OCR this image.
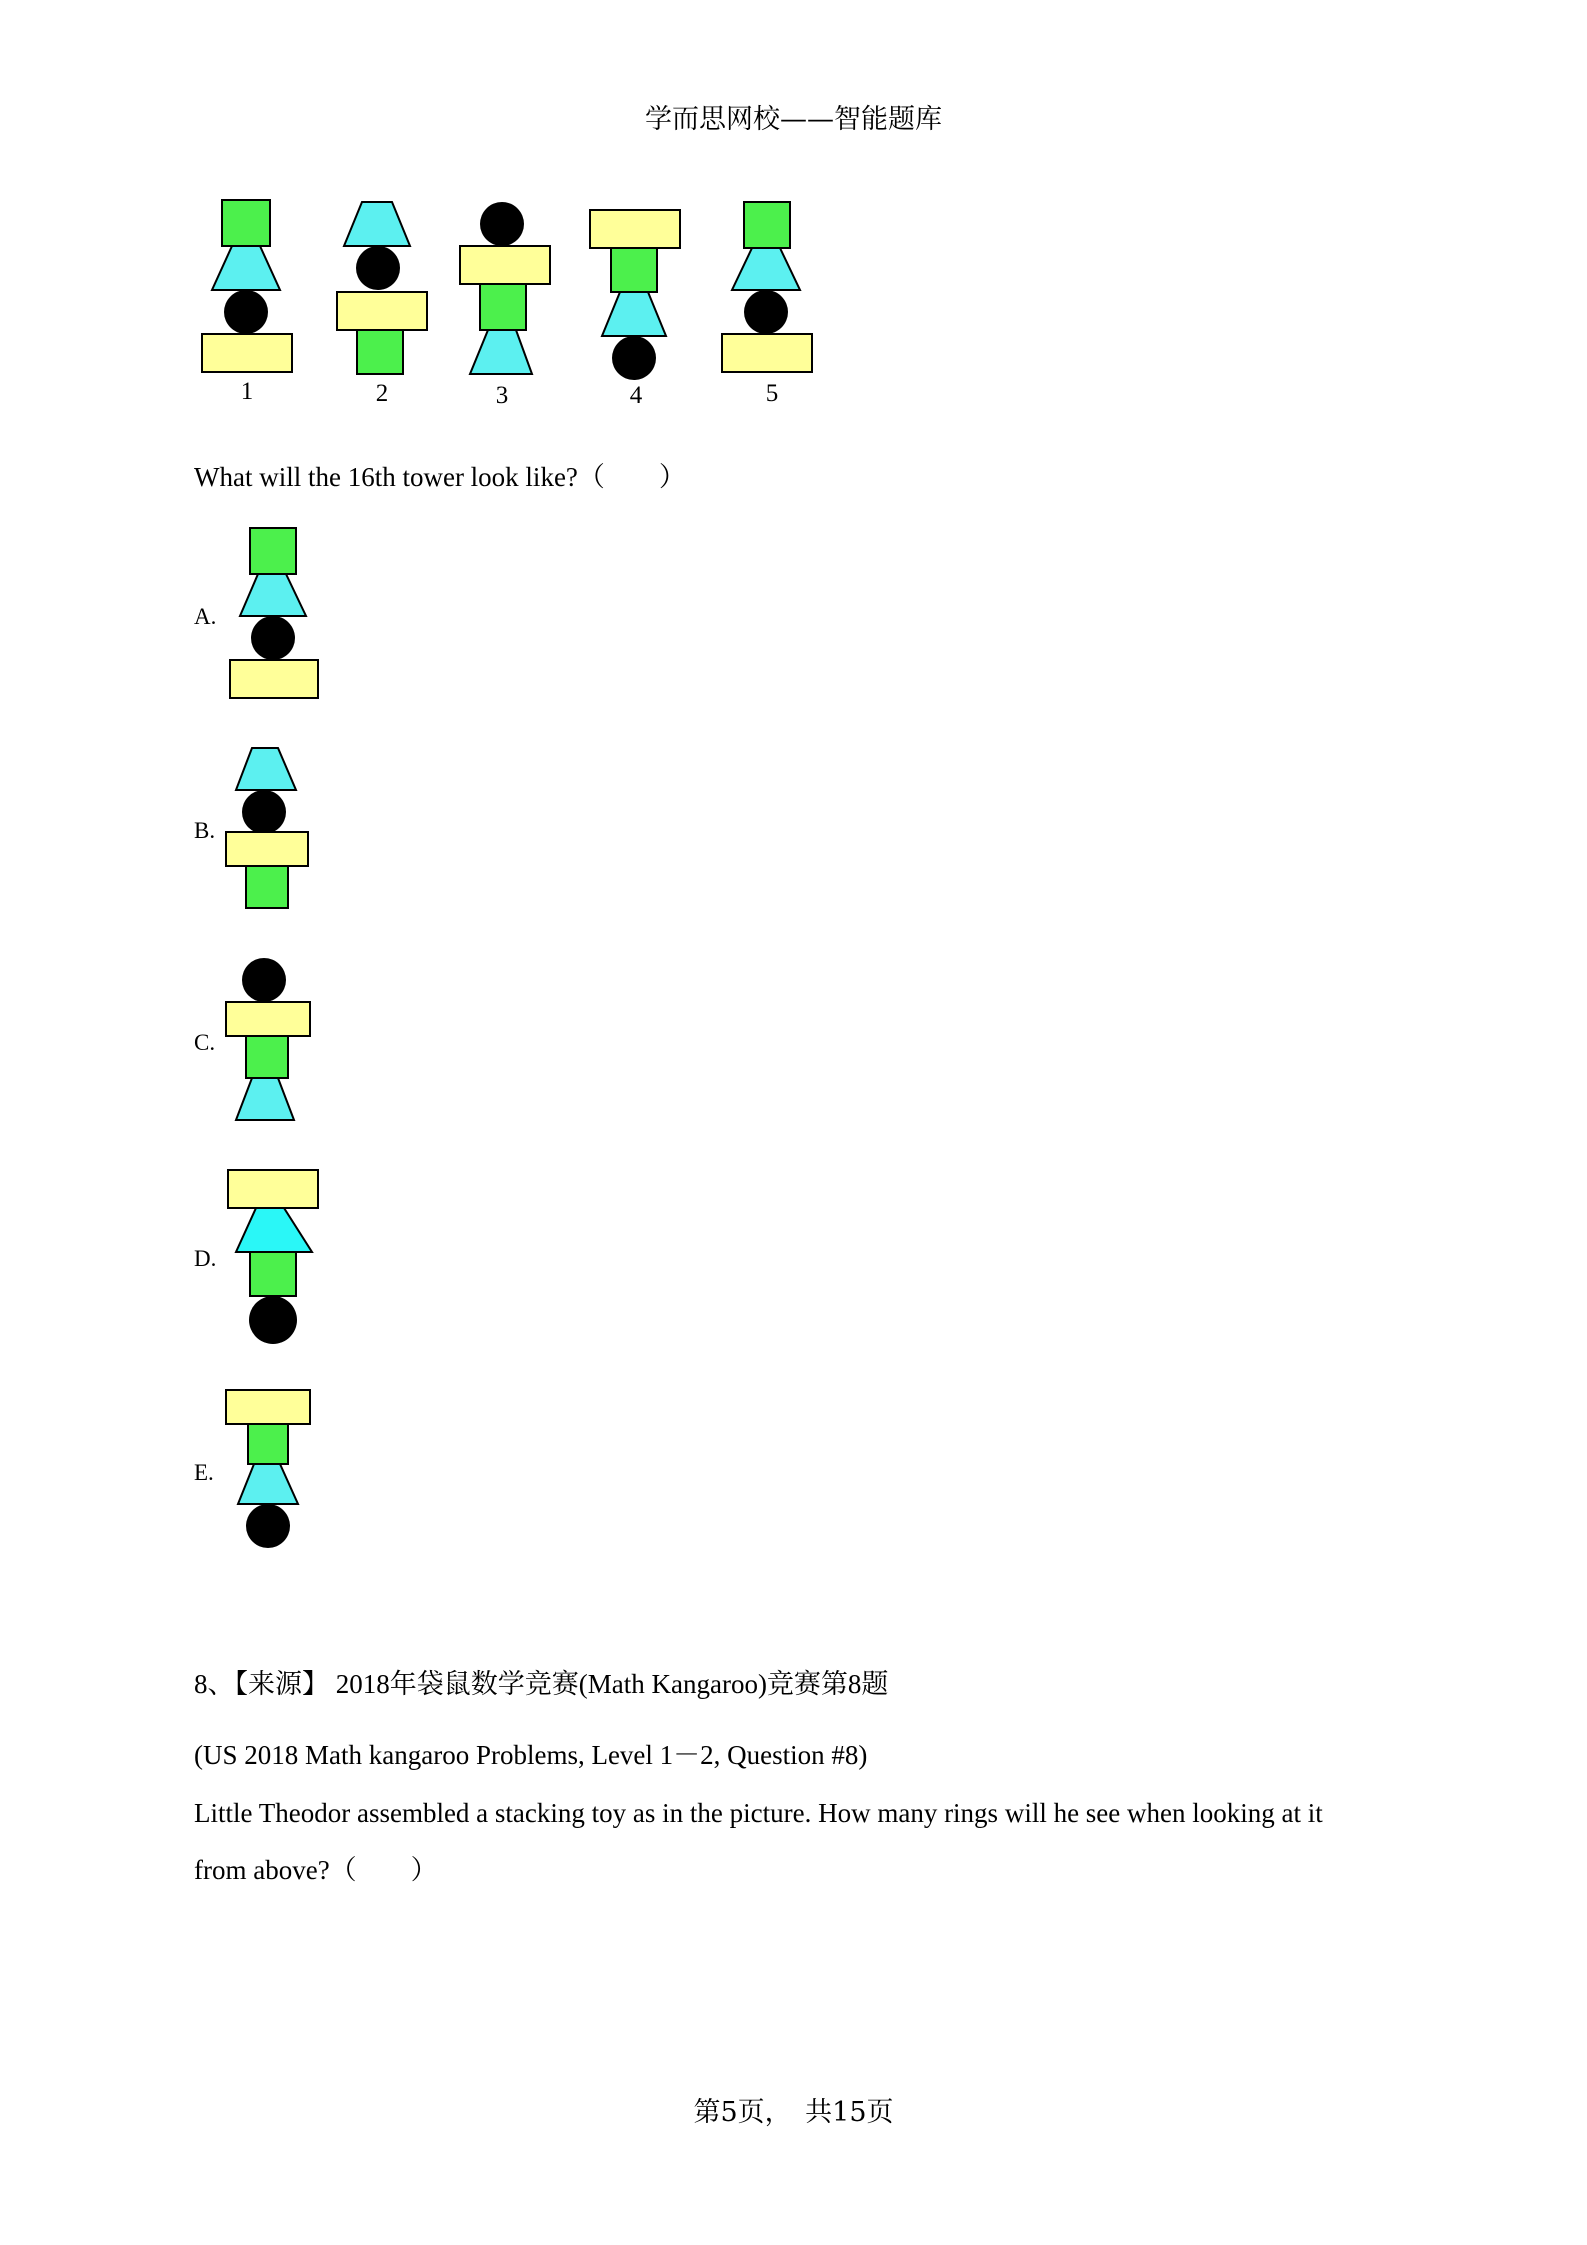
学而思网校——智能题库
1	2	3	4	5
What will the 16th tower look like?（　　）
A.
B.
C.
D.
E.
8、【来源】 2018年袋鼠数学竞赛(Math Kangaroo)竞赛第8题
(US 2018 Math kangaroo Problems, Level 1－2, Question #8)
Little Theodor assembled a stacking toy as in the picture. How many rings will he see when looking at it
from above?（　　）
第5页，　共15页
